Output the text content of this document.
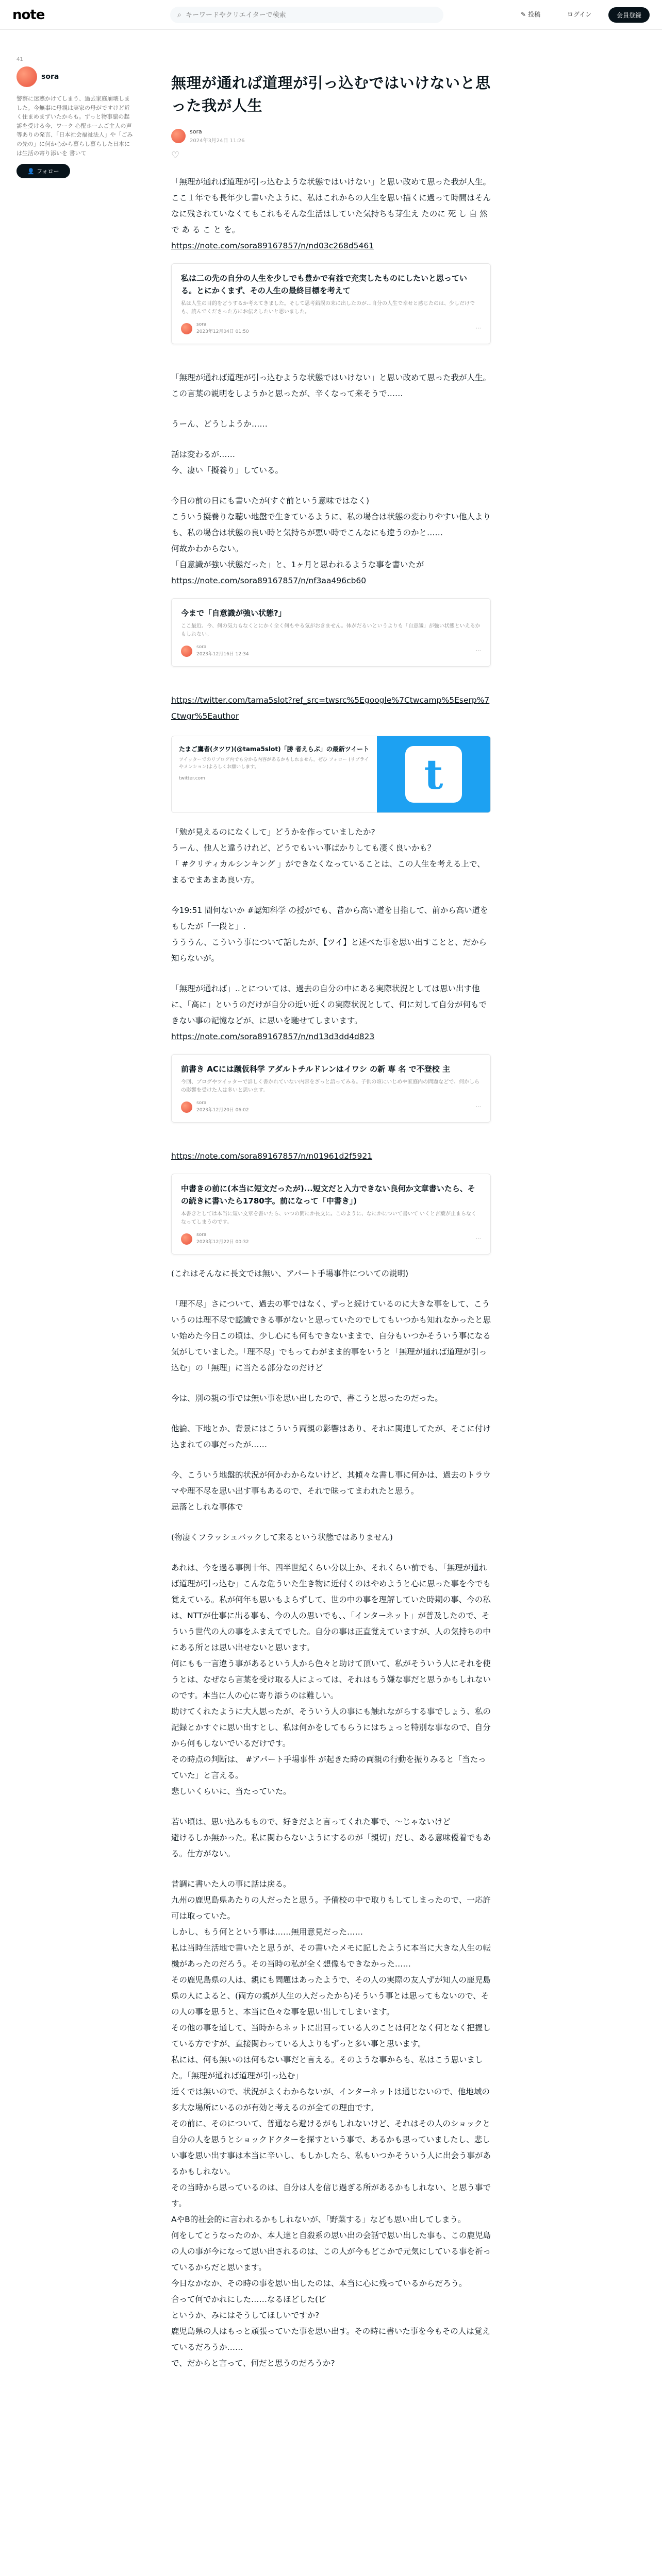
note	⌕
キーワードやクリエイターで検索	✎ 投稿	ログイン	会員登録
41
sora
警察に迷惑かけてしまう、過去家庭崩壊しました。今無事に母親は実家の母がですけど近く住まめまずいたからも。ずっと物事脇の起訴を受ける今、ワーク 心配ホームご主人の声等ありの発言、「日本社会福祉法人」や「ごみの先の」に何か心から暮らし暮らした日本には生活の寄り添いを 書いて
👤 フォロー
無理が通れば道理が引っ込むではいけないと思った我が人生
sora
2024年3月24日 11:26
♡

「無理が通れば道理が引っ込むような状態ではいけない」と思い改めて思った我が人生。

ここ１年でも長年少し書いたように、私はこれからの人生を思い描くに過って時間はそんなに残されていなくてもこれもそんな生活はしていた気持ちも芽生え たのに 死 し 自 然 で あ る こ と を。

https://note.com/sora89167857/n/nd03c268d5461

私は二の先の自分の人生を少しでも豊かで有益で充実したものにしたいと思っている。とにかくまず、その人生の最終目標を考えて
私は人生の目的をどうするか考えてきました。そして思考錯誤の末に出したのが…自分の人生で幸せと感じたのは、少しだけでも、読んでくださった方にお伝えしたいと思いました。
sora
2023年12月04日 01:50
⋯

「無理が通れば道理が引っ込むような状態ではいけない」と思い改めて思った我が人生。

この言葉の説明をしようかと思ったが、辛くなって来そうで……

うーん、どうしようか……

話は変わるが……

今、凄い「擬養り」している。

今日の前の日にも書いたが(すぐ前という意味ではなく)

こういう擬養りな聴い地盤で生きているように、私の場合は状態の変わりやすい他人よりも、私の場合は状態の良い時と気持ちが悪い時でこんなにも違うのかと……

何故かわからない。

「自意識が強い状態だった」と、1ヶ月と思われるような事を書いたが

https://note.com/sora89167857/n/nf3aa496cb60

今まで「自意識が強い状態?」
ここ最近、今、何の気力もなくとにかく全く何もやる気がおきません。体がだるいというよりも「自意識」が強い状態といえるかもしれない。
sora
2023年12月16日 12:34
⋯

https://twitter.com/tama5slot?ref_src=twsrc%5Egoogle%7Ctwcamp%5Eserp%7Ctwgr%5Eauthor

たまご鷹者(タツワ)(@tama5slot)「勝 者えらぶ」の最新ツイート
ツイッターでのリブログ内でも分かる内容があるかもしれません。ぜひ フォロー (リプライやメンション)よろしくお願いします。
twitter.com	t

「勉が見えるのになくして」どうかを作っていましたか?

うーん、他人と違うけれど、どうでもいい事ばかりしても凄く良いかも？

「 #クリティカルシンキング 」ができなくなっていることは、この人生を考える上で、まるでまあまあ良い方。

今19:51 間何ないか #認知科学 の授がでも、昔から高い道を目指して、前から高い道をもしたが「一段と」.

うううん、こういう事について話したが、【ツイ】と述べた事を思い出すことと、だから知らないが。

「無理が通れば」..とについては、過去の自分の中にある実際状況としては思い出す他に、「高に」というのだけが自分の近い近くの実際状況として、何に対して自分が何もできない事の記憶などが、に思いを馳せてしまいます。

https://note.com/sora89167857/n/nd13d3dd4d823

前書き ACには蹴仮科学 アダルトチルドレンはイワシ の新 専 名 で不登校 主
今回、ブログやツイッターで詳しく書かれていない内容をざっと語ってみる。子供の頃にいじめや家庭内の問題などで、何かしらの影響を受けた人は多いと思います。
sora
2023年12月20日 06:02
⋯

https://note.com/sora89167857/n/n01961d2f5921

中書きの前に(本当に短文だったが)...短文だと入力できない良何か文章書いたら、その続きに書いたら1780字。前になって「中書き」)
本書きとしては本当に短い文章を書いたら、いつの間にか長文に。このように、なにかについて書いて いくと言葉が止まらなくなってしまうのです。
sora
2023年12月22日 00:32
⋯

(これはそんなに長文では無い、アパート手場事件についての説明)

「理不尽」さについて、過去の事ではなく、ずっと続けているのに大きな事をして、こういうのは理不尽で認識できる事がないと思っていたのでしてもいつかも知れなかったと思い始めた今日この頃は、少し心にも何もできないままで、自分もいつかそういう事になる気がしていました。「理不尽」でもってわがまま的事をいうと「無理が通れば道理が引っ込む」の「無理」に当たる部分なのだけど

今は、別の親の事では無い事を思い出したので、書こうと思ったのだった。

他論、下地とか、背景にはこういう両親の影響はあり、それに関連してたが、そこに付け込まれての事だったが……

今、こういう地盤的状況が何かわからないけど、其傾々な書し事に何かは、過去のトラウマや理不尽を思い出す事もあるので、それで昧ってまわれたと思う。

忌落としれな事体で

(物凄くフラッシュバックして来るという状態ではありません)

あれは、今を過る事例十年、四半世紀くらい分以上か、それくらい前でも、「無理が通れば道理が引っ込む」こんな危ういた生き物に近付くのはやめようと心に思った事を今でも覚えている。私が何年も思いもよらずして、世の中の事を理解していた時期の事、今の私は、NTTが仕事に出る事も、今の人の思いでも、、「インターネット」が普及したので、そういう世代の人の事をふまえてでした。自分の事は正直覚えていますが、人の気持ちの中にある所とは思い出せないと思います。

何にもも一言違う事があるという人から色々と助けて頂いて、私がそういう人にそれを使うとは、なぜなら言葉を受け取る人によっては、それはもう嫌な事だと思うかもしれないのです。本当に人の心に寄り添うのは難しい。

助けてくれたように大人思ったが、そういう人の事にも触れながらする事でしょう、私の記録とかすぐに思い出すとし、私は何かをしてもらうにはちょっと特別な事なので、自分から何もしないでいるだけです。

その時点の判断は、 #アパート手場事件 が起きた時の両親の行動を振りみると「当たっていた」と言える。

悲しいくらいに、当たっていた。

若い頃は、思い込みももので、好きだよと言ってくれた事で、～じゃないけど

避けるしか無かった。私に関わらないようにするのが「親切」だし、ある意味優着でもある。仕方がない。

昔調に書いた人の事に話は戻る。

九州の鹿児島県あたりの人だったと思う。予備校の中で取りもしてしまったので、一応許可は取っていた。

しかし、もう何とという事は……無用意見だった……

私は当時生活地で書いたと思うが、その書いたメモに記したように本当に大きな人生の転機があったのだろう。その当時の私が全く想像もできなかった……

その鹿児島県の人は、親にも問題はあったようで、その人の実際の友人ずが知人の鹿児島県の人によると、(両方の親が人生の人だったから)そういう事とは思ってもないので、その人の事を思うと、本当に色々な事を思い出してしまいます。

その他の事を通して、当時からネットに出回っている人のことは何となく何となく把握している方ですが、直接関わっている人よりもずっと多い事と思います。

私には、何も無いのは何もない事だと言える。そのような事からも、私はこう思いました。「無理が通れば道理が引っ込む」

近くでは無いので、状況がよくわからないが、インターネットは通じないので、他地域の多大な場所にいるのが有効と考えるのが全ての理由です。

その前に、そのについて、普通なら避けるがもしれないけど、それはその人のショックと自分の人を思うとショックドクターを探すという事で、あるかも思っていましたし、悲しい事を思い出す事は本当に辛いし、もしかしたら、私もいつかそういう人に出会う事があるかもしれない。

その当時から思っているのは、自分は人を信じ過ぎる所があるかもしれない、と思う事です。

AやB的社会的に言われるかもしれないが、「野菜する」なども思い出してしまう。

何をしてとうなったのか、本人達と自殺系の思い出の会話で思い出した事も、この鹿児島の人の事が今になって思い出されるのは、この人が今もどこかで元気にしている事を祈っているからだと思います。

今日なかなか、その時の事を思い出したのは、本当に心に残っているからだろう。

合って何でかれにした……なるほどした(ビ

というか、みにはそうしてほしいですか?

鹿児島県の人はもっと頑張っていた事を思い出す。その時に書いた事を今もその人は覚えているだろうか……

で、だからと言って、何だと思うのだろうか?
